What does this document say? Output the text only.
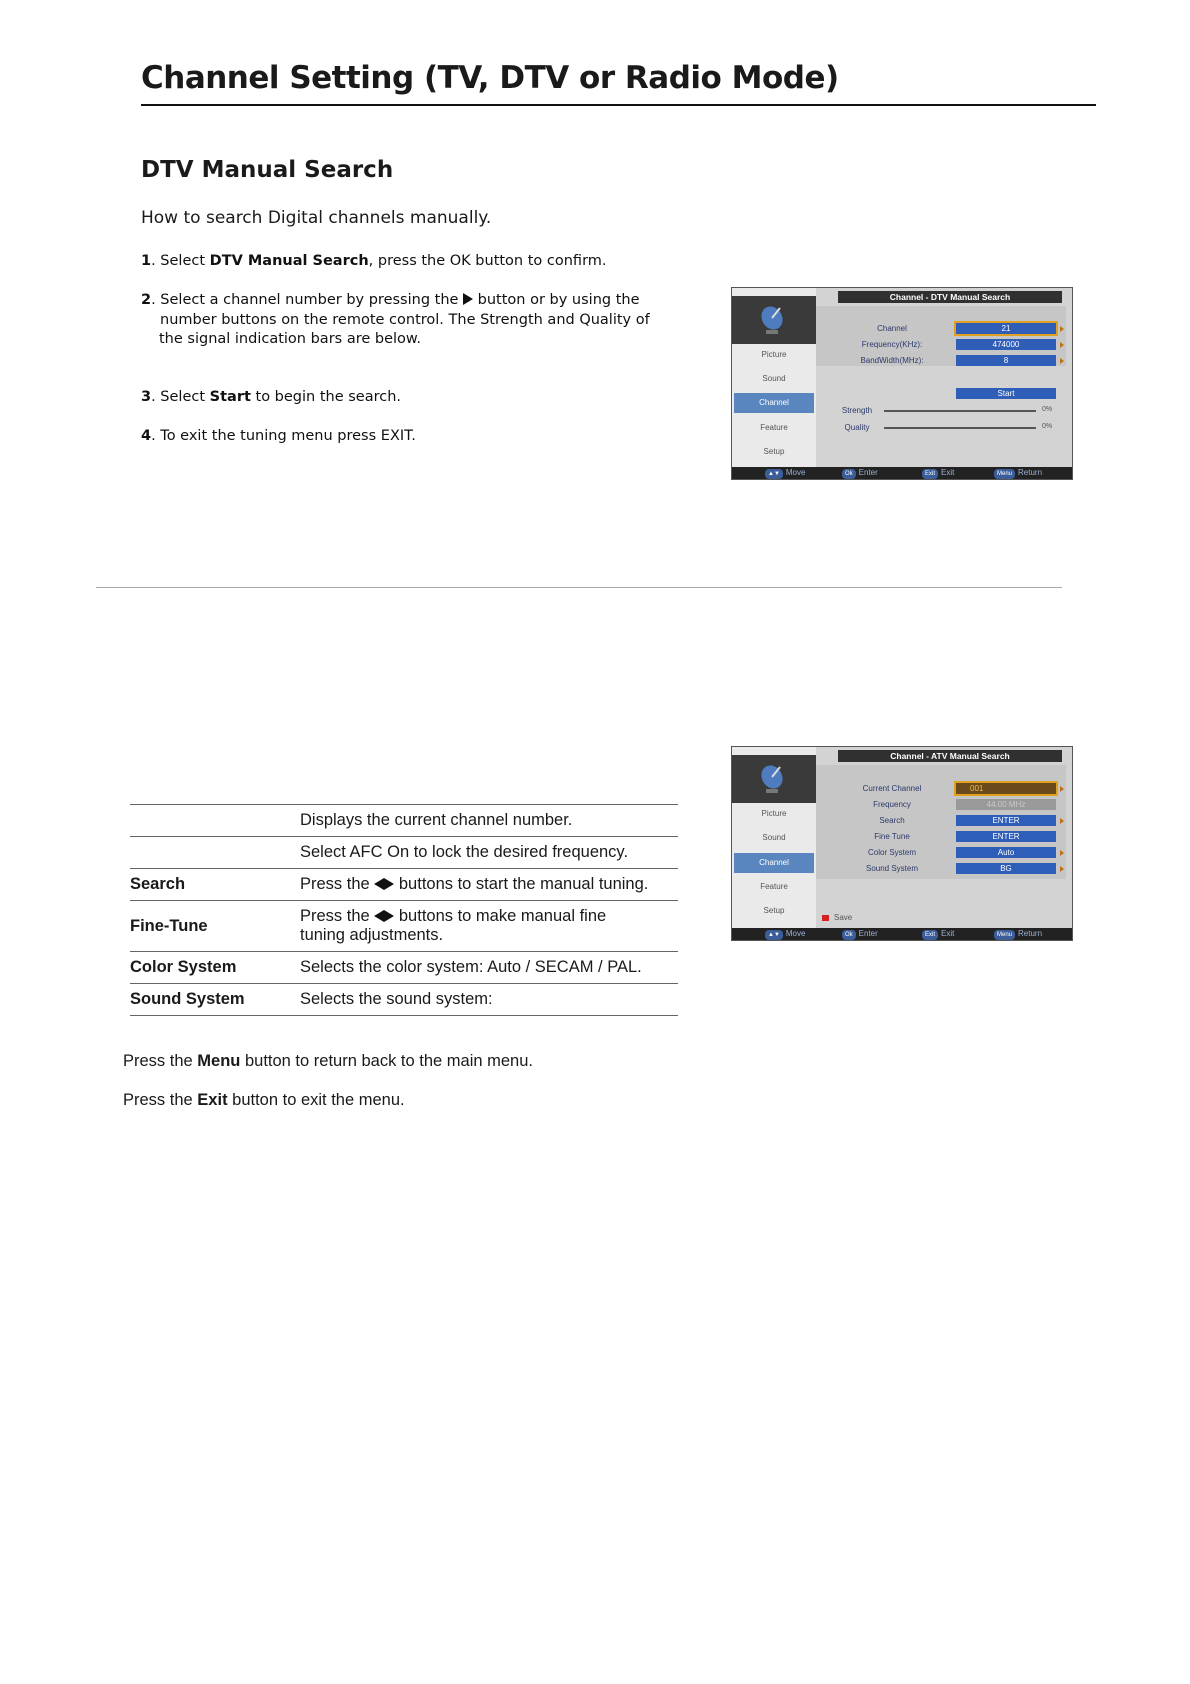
Channel Setting (TV, DTV or Radio Mode)
DTV Manual Search
How to search Digital channels manually.
1. Select DTV Manual Search, press the OK button to confirm.
2. Select a channel number by pressing the  button or by using the
number buttons on the remote control. The Strength and Quality of
the signal indication bars are below.
3. Select Start to begin the search.
4. To exit the tuning menu press EXIT.
Picture
Sound
Channel
Feature
Setup
Channel - DTV Manual Search
Channel	21
Frequency(KHz):	474000
BandWidth(MHz):	8
Start
Strength	0%
Quality	0%
▲▼ Move	Ok Enter	Exit Exit	Menu Return
Picture
Sound
Channel
Feature
Setup
Channel - ATV Manual Search
Current Channel	001
Frequency	44.00 MHz
Search	ENTER
Fine Tune	ENTER
Color System	Auto
Sound System	BG
Save
▲▼ Move	Ok Enter	Exit Exit	Menu Return
	Displays the current channel number.
	Select AFC On to lock the desired frequency.
Search	Press the  buttons to start the manual tuning.
Fine-Tune	Press the  buttons to make manual fine
tuning adjustments.
Color System	Selects the color system: Auto / SECAM / PAL.
Sound System	Selects the sound system:
Press the Menu button to return back to the main menu.
Press the Exit button to exit the menu.
